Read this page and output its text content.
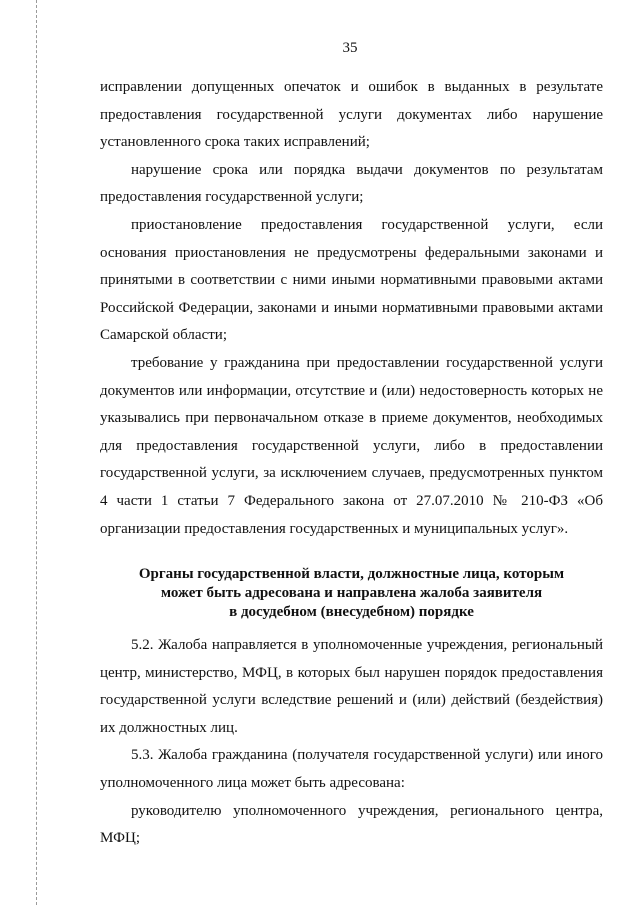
35

исправлении допущенных опечаток и ошибок в выданных в результате предоставления государственной услуги документах либо нарушение установленного срока таких исправлений;

нарушение срока или порядка выдачи документов по результатам предоставления государственной услуги;

приостановление предоставления государственной услуги, если основания приостановления не предусмотрены федеральными законами и принятыми в соответствии с ними иными нормативными правовыми актами Российской Федерации, законами и иными нормативными правовыми актами Самарской области;

требование у гражданина при предоставлении государственной услуги документов или информации, отсутствие и (или) недостоверность которых не указывались при первоначальном отказе в приеме документов, необходимых для предоставления государственной услуги, либо в предоставлении государственной услуги, за исключением случаев, предусмотренных пунктом 4 части 1 статьи 7 Федерального закона от 27.07.2010 № 210-ФЗ «Об организации предоставления государственных и муниципальных услуг».

Органы государственной власти, должностные лица, которым
может быть адресована и направлена жалоба заявителя
в досудебном (внесудебном) порядке

5.2. Жалоба направляется в уполномоченные учреждения, региональный центр, министерство, МФЦ, в которых был нарушен порядок предоставления государственной услуги вследствие решений и (или) действий (бездействия) их должностных лиц.

5.3. Жалоба гражданина (получателя государственной услуги) или иного уполномоченного лица может быть адресована:

руководителю уполномоченного учреждения, регионального центра, МФЦ;
